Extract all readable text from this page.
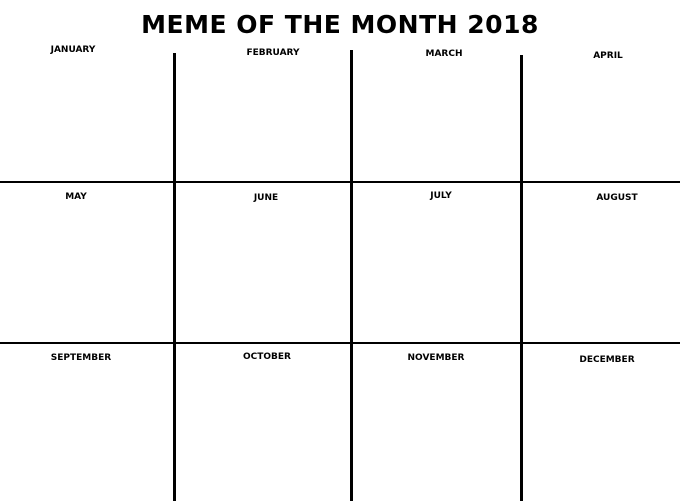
MEME OF THE MONTH 2018
JANUARY	FEBRUARY	MARCH	APRIL
MAY	JUNE	JULY	AUGUST
SEPTEMBER	OCTOBER	NOVEMBER	DECEMBER
